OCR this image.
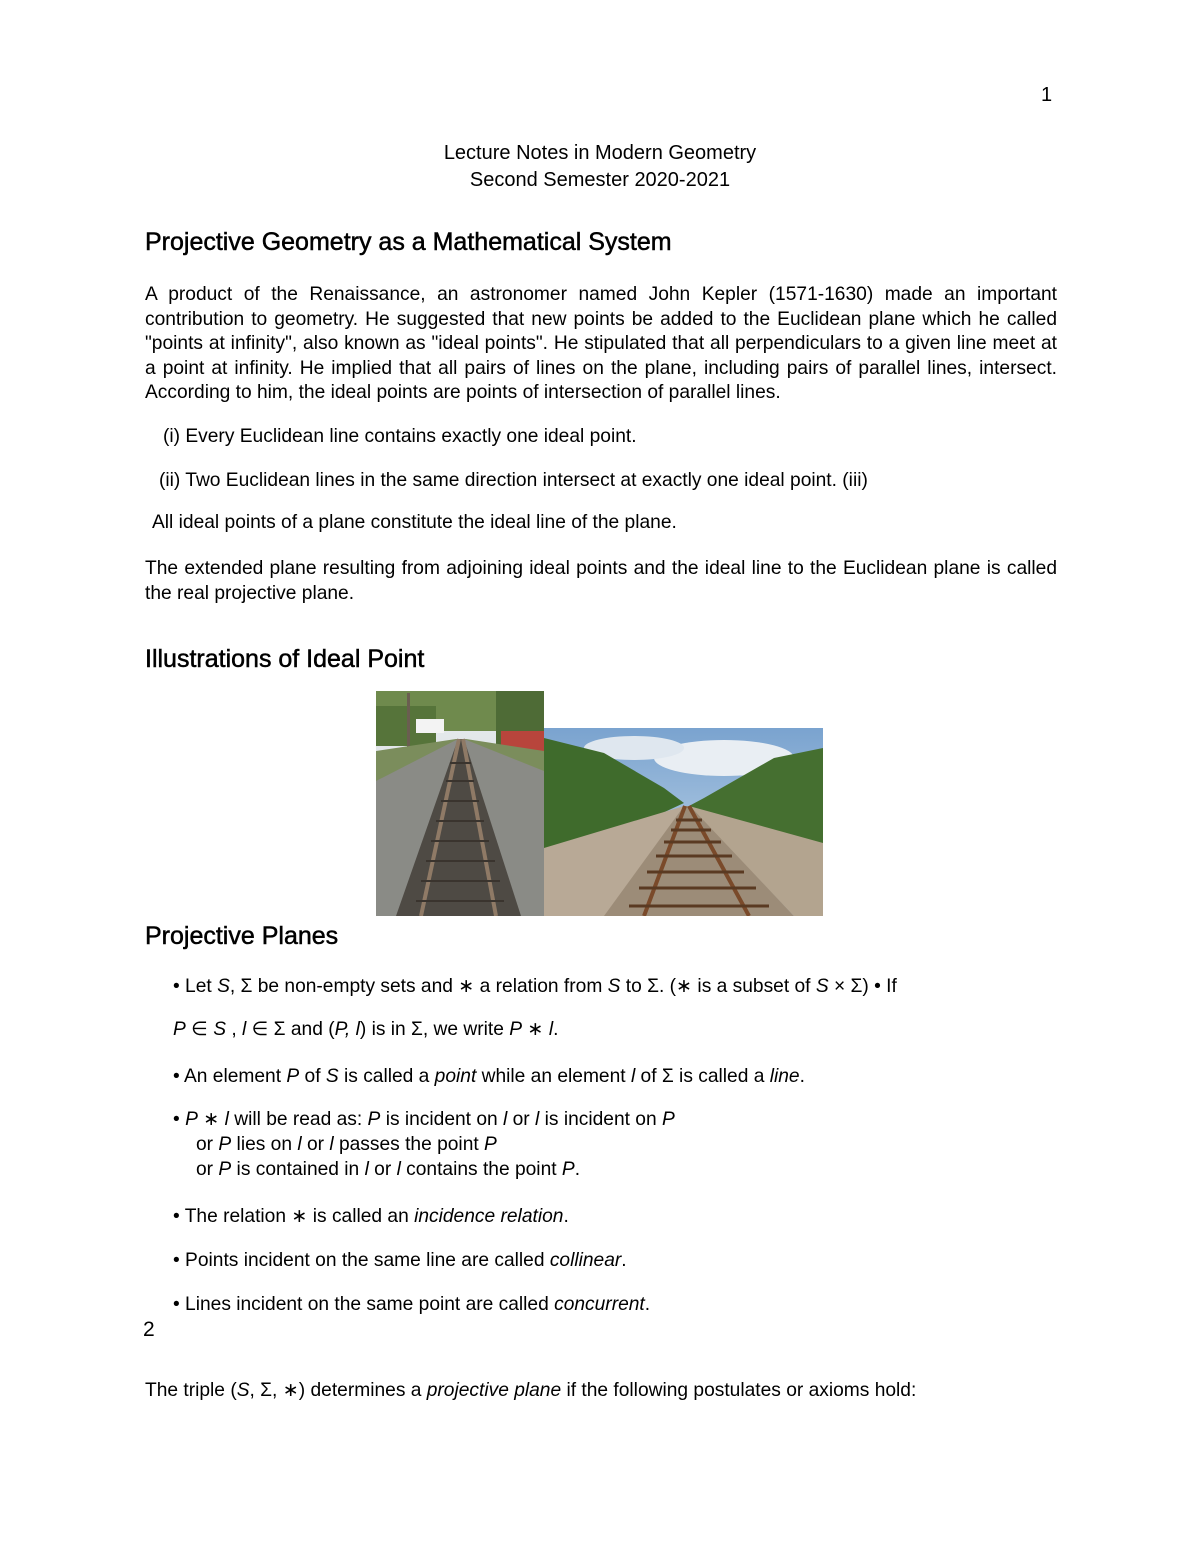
1
Lecture Notes in Modern Geometry
Second Semester 2020-2021
Projective Geometry as a Mathematical System
A product of the Renaissance, an astronomer named John Kepler (1571-1630) made an important contribution to geometry. He suggested that new points be added to the Euclidean plane which he called "points at infinity", also known as "ideal points". He stipulated that all perpendiculars to a given line meet at a point at infinity. He implied that all pairs of lines on the plane, including pairs of parallel lines, intersect. According to him, the ideal points are points of intersection of parallel lines.
(i) Every Euclidean line contains exactly one ideal point.
(ii) Two Euclidean lines in the same direction intersect at exactly one ideal point. (iii)
All ideal points of a plane constitute the ideal line of the plane.
The extended plane resulting from adjoining ideal points and the ideal line to the Euclidean plane is called the real projective plane.
Illustrations of Ideal Point
Projective Planes
• Let S, Σ be non-empty sets and ∗ a relation from S to Σ. (∗ is a subset of S × Σ) • If
P ∈ S , l ∈ Σ and (P, l) is in Σ, we write P ∗ l.
• An element P of S is called a point while an element l of Σ is called a line.
• P ∗ l will be read as: P is incident on l or l is incident on P
or P lies on l or l passes the point P
or P is contained in l or l contains the point P.
• The relation ∗ is called an incidence relation.
• Points incident on the same line are called collinear.
• Lines incident on the same point are called concurrent.
2
The triple (S, Σ, ∗) determines a projective plane if the following postulates or axioms hold:
